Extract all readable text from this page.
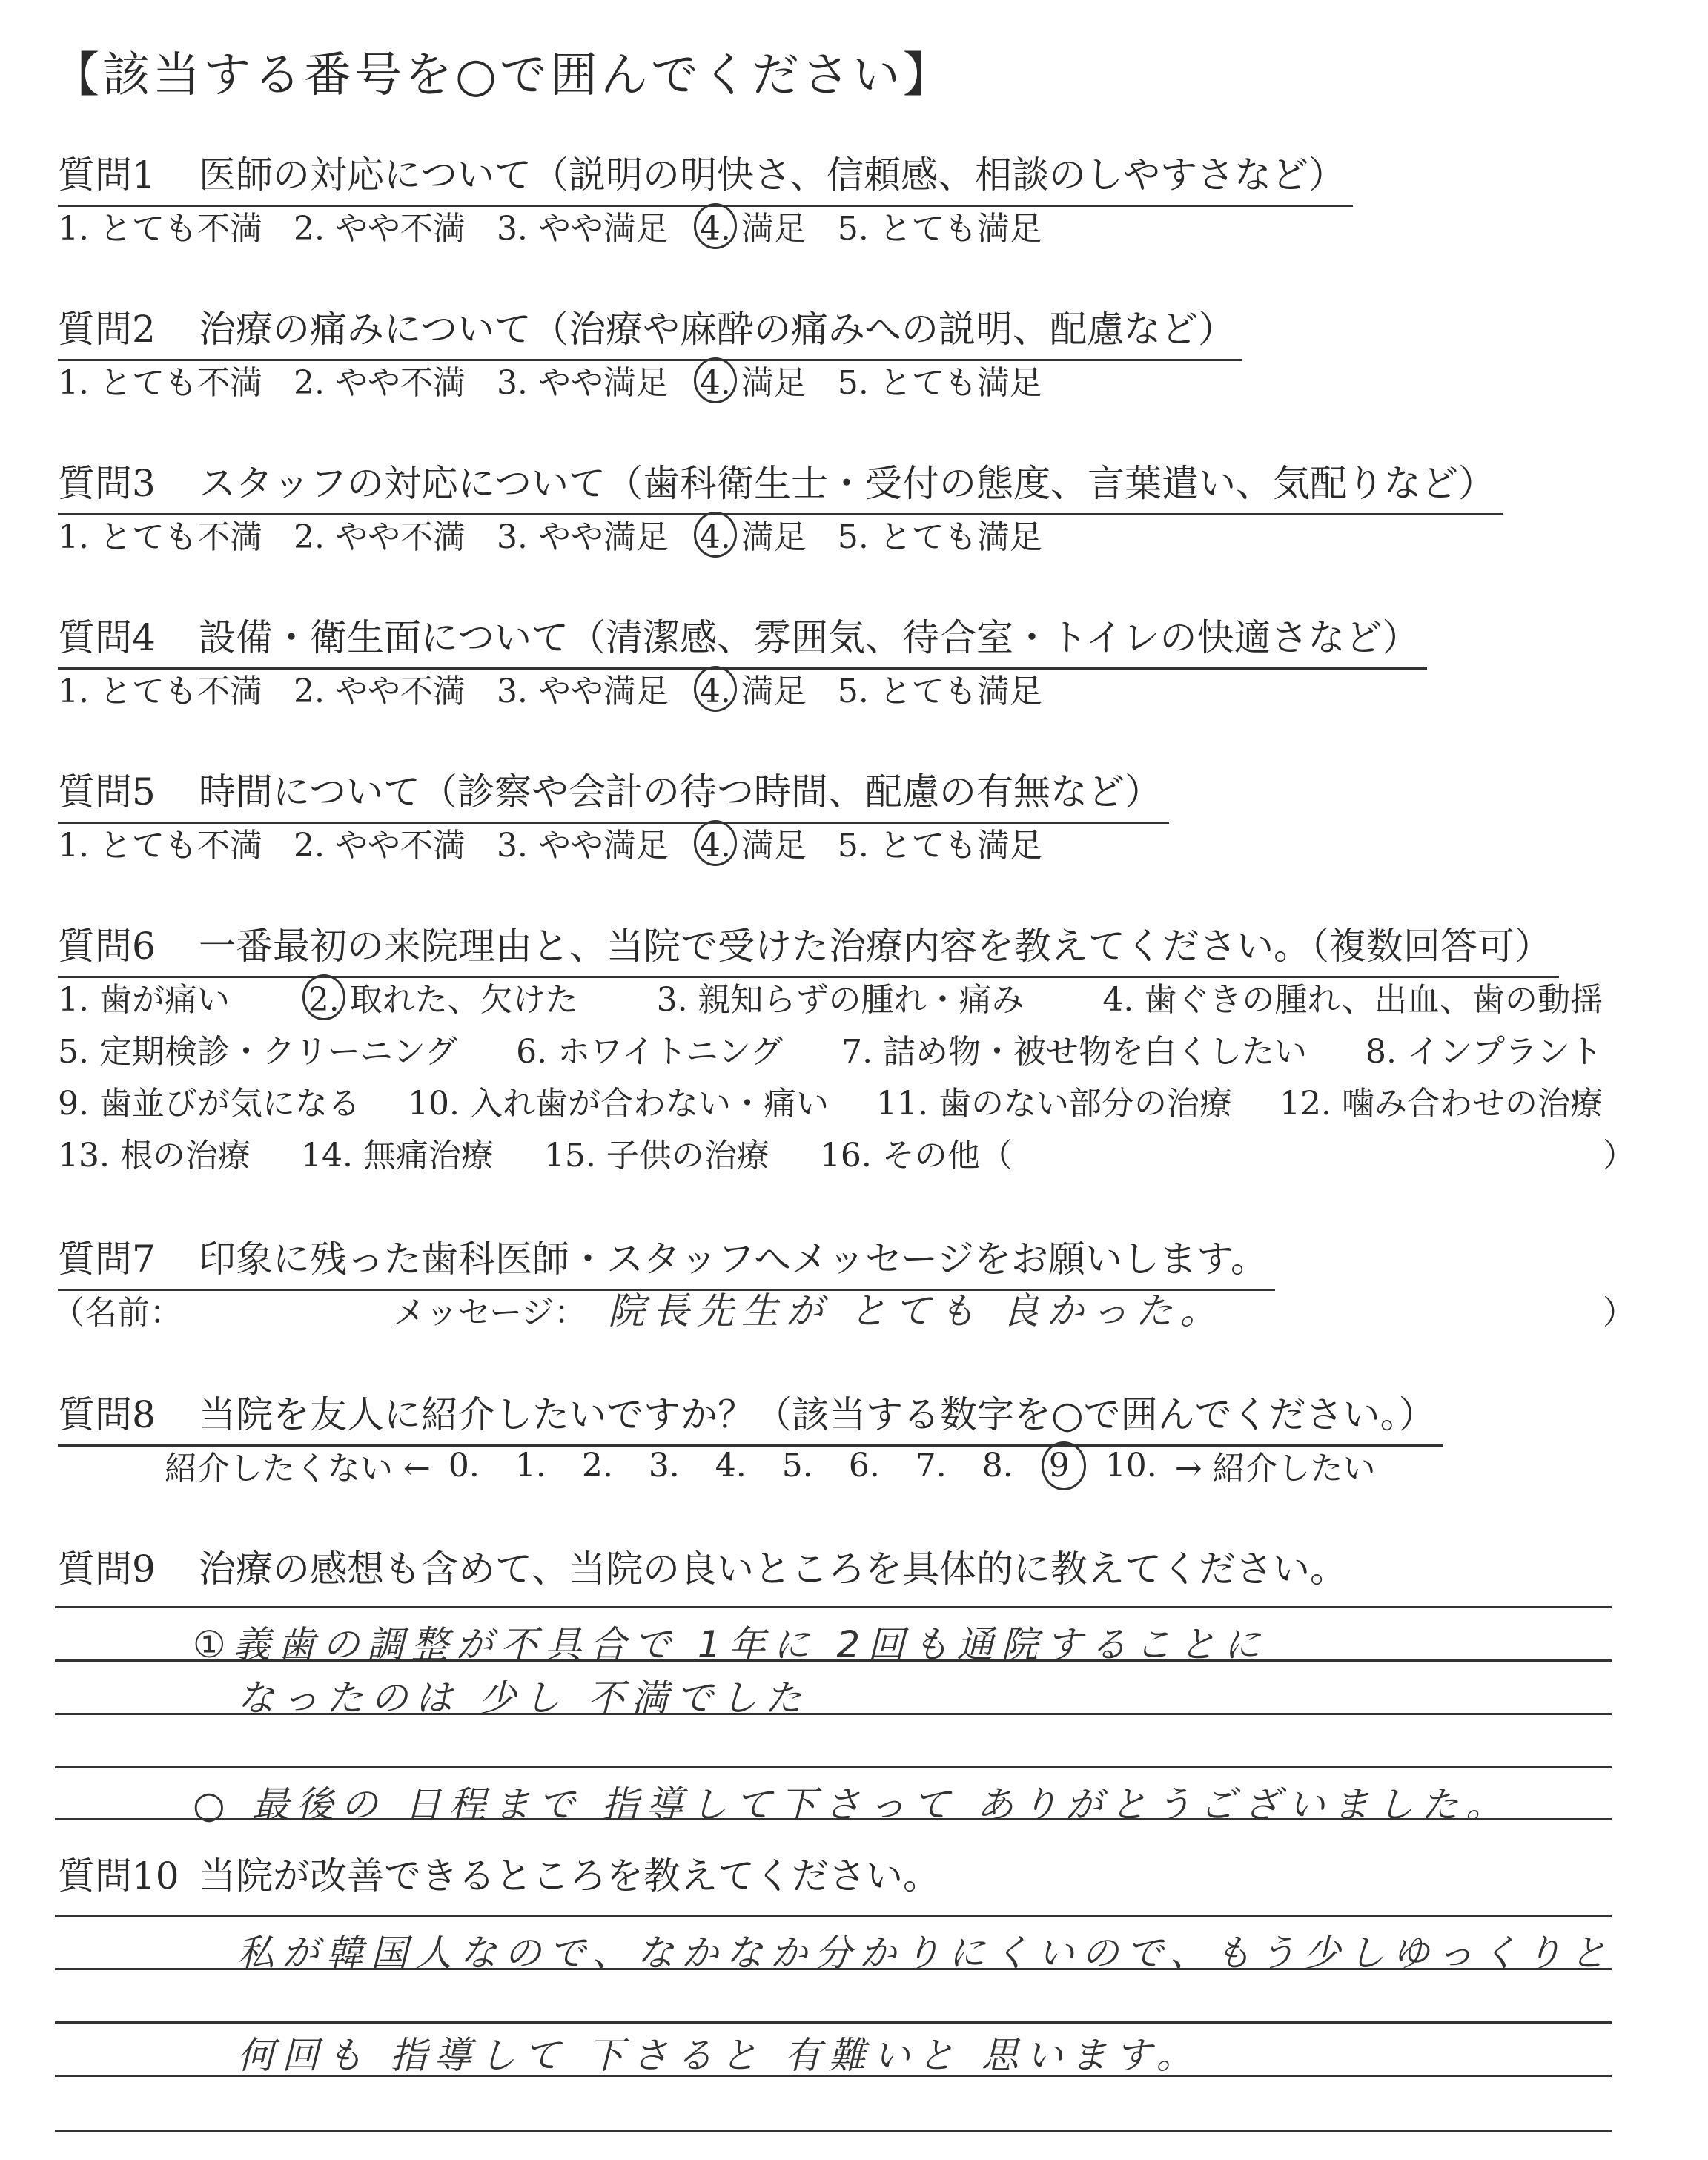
【該当する番号を○で囲んでください】
質問1 医師の対応について（説明の明快さ、信頼感、相談のしやすさなど）
1. とても不満 2. やや不満 3. やや満足 4. 満足 5. とても満足
質問2 治療の痛みについて（治療や麻酔の痛みへの説明、配慮など）
1. とても不満 2. やや不満 3. やや満足 4. 満足 5. とても満足
質問3 スタッフの対応について（歯科衛生士・受付の態度、言葉遣い、気配りなど）
1. とても不満 2. やや不満 3. やや満足 4. 満足 5. とても満足
質問4 設備・衛生面について（清潔感、雰囲気、待合室・トイレの快適さなど）
1. とても不満 2. やや不満 3. やや満足 4. 満足 5. とても満足
質問5 時間について（診察や会計の待つ時間、配慮の有無など）
1. とても不満 2. やや不満 3. やや満足 4. 満足 5. とても満足
質問6 一番最初の来院理由と、当院で受けた治療内容を教えてください。（複数回答可）
1. 歯が痛い 2. 取れた、欠けた 3. 親知らずの腫れ・痛み 4. 歯ぐきの腫れ、出血、歯の動揺
5. 定期検診・クリーニング 6. ホワイトニング 7. 詰め物・被せ物を白くしたい 8. インプラント
9. 歯並びが気になる 10. 入れ歯が合わない・痛い 11. 歯のない部分の治療 12. 噛み合わせの治療
13. 根の治療 14. 無痛治療 15. 子供の治療 16. その他（	）
質問7 印象に残った歯科医師・スタッフへメッセージをお願いします。
（名前：	メッセージ： 院長先生が とても 良かった。	）
質問8 当院を友人に紹介したいですか？（該当する数字を○で囲んでください。）
紹介したくない ← 0. 1. 2. 3. 4. 5. 6. 7. 8. 9 10. → 紹介したい
質問9 治療の感想も含めて、当院の良いところを具体的に教えてください。
①義歯の調整が不具合で 1年に 2回も通院することに
なったのは 少し 不満でした
○ 最後の 日程まで 指導して下さって ありがとうございました。
質問10 当院が改善できるところを教えてください。
私が韓国人なので、なかなか分かりにくいので、もう少しゆっくりと
何回も 指導して 下さると 有難いと 思います。
